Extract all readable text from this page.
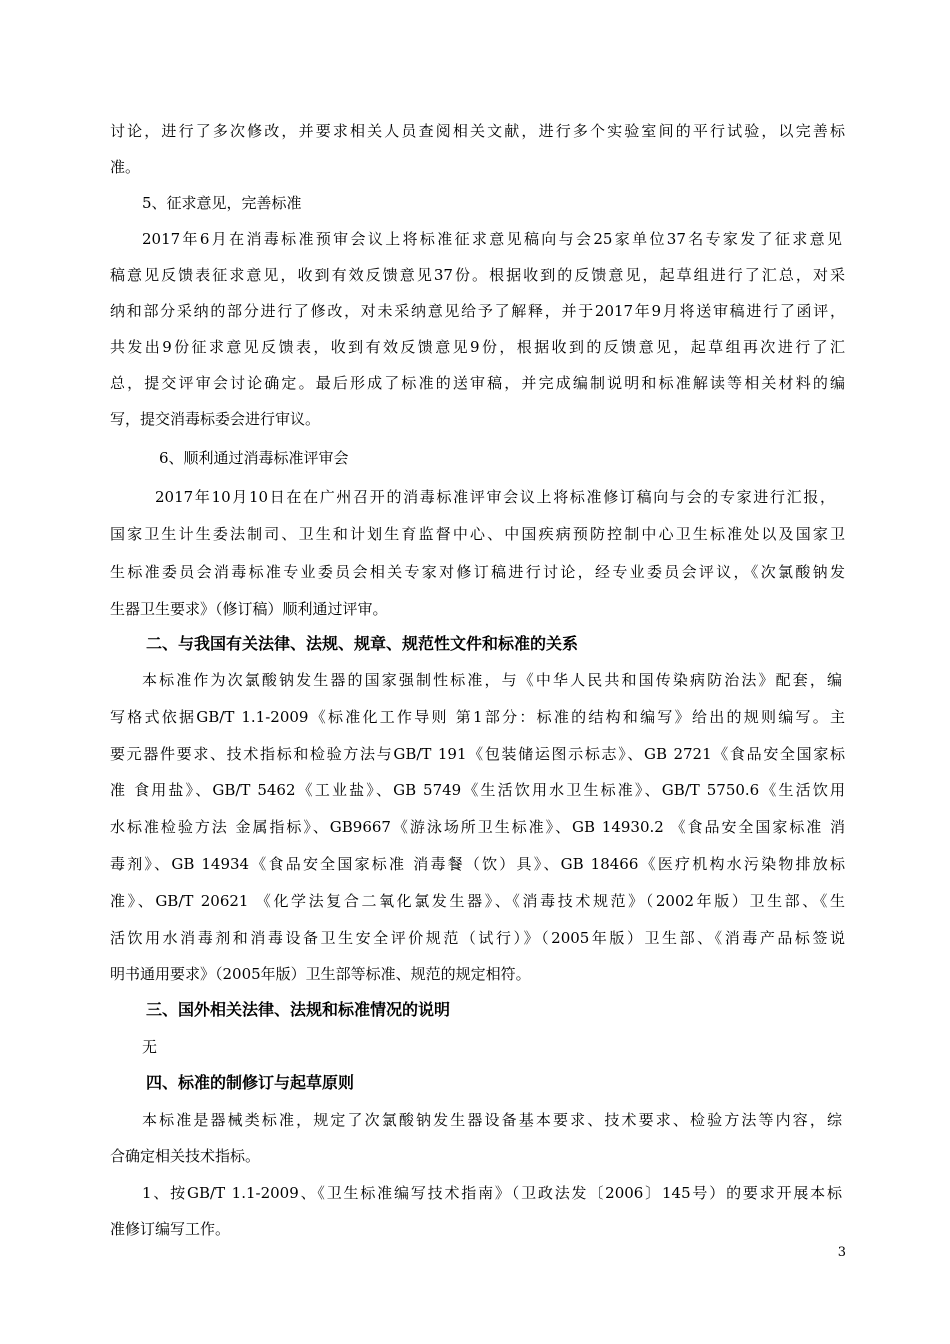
讨论，进行了多次修改，并要求相关人员查阅相关文献，进行多个实验室间的平行试验，以完善标
准。
5、征求意见，完善标准
2017年6月在消毒标准预审会议上将标准征求意见稿向与会25家单位37名专家发了征求意见
稿意见反馈表征求意见，收到有效反馈意见37份。根据收到的反馈意见，起草组进行了汇总，对采
纳和部分采纳的部分进行了修改，对未采纳意见给予了解释，并于2017年9月将送审稿进行了函评，
共发出9份征求意见反馈表，收到有效反馈意见9份，根据收到的反馈意见，起草组再次进行了汇
总，提交评审会讨论确定。最后形成了标准的送审稿，并完成编制说明和标准解读等相关材料的编
写，提交消毒标委会进行审议。
6、顺利通过消毒标准评审会
2017年10月10日在在广州召开的消毒标准评审会议上将标准修订稿向与会的专家进行汇报，
国家卫生计生委法制司、卫生和计划生育监督中心、中国疾病预防控制中心卫生标准处以及国家卫
生标准委员会消毒标准专业委员会相关专家对修订稿进行讨论，经专业委员会评议，《次氯酸钠发
生器卫生要求》（修订稿）顺利通过评审。
二、与我国有关法律、法规、规章、规范性文件和标准的关系
本标准作为次氯酸钠发生器的国家强制性标准，与《中华人民共和国传染病防治法》配套，编
写格式依据GB/T 1.1-2009《标准化工作导则 第1部分：标准的结构和编写》给出的规则编写。主
要元器件要求、技术指标和检验方法与GB/T 191《包装储运图示标志》、GB 2721《食品安全国家标
准 食用盐》、GB/T 5462《工业盐》、GB 5749《生活饮用水卫生标准》、GB/T 5750.6《生活饮用
水标准检验方法 金属指标》、GB9667《游泳场所卫生标准》、GB 14930.2 《食品安全国家标准 消
毒剂》、GB 14934《食品安全国家标准 消毒餐（饮）具》、GB 18466《医疗机构水污染物排放标
准》、GB/T 20621 《化学法复合二氧化氯发生器》、《消毒技术规范》（2002年版）卫生部、《生
活饮用水消毒剂和消毒设备卫生安全评价规范（试行）》（2005年版）卫生部、《消毒产品标签说
明书通用要求》（2005年版）卫生部等标准、规范的规定相符。
三、国外相关法律、法规和标准情况的说明
无
四、标准的制修订与起草原则
本标准是器械类标准，规定了次氯酸钠发生器设备基本要求、技术要求、检验方法等内容，综
合确定相关技术指标。
1、按GB/T 1.1-2009、《卫生标准编写技术指南》（卫政法发〔2006〕145号）的要求开展本标
准修订编写工作。
3
